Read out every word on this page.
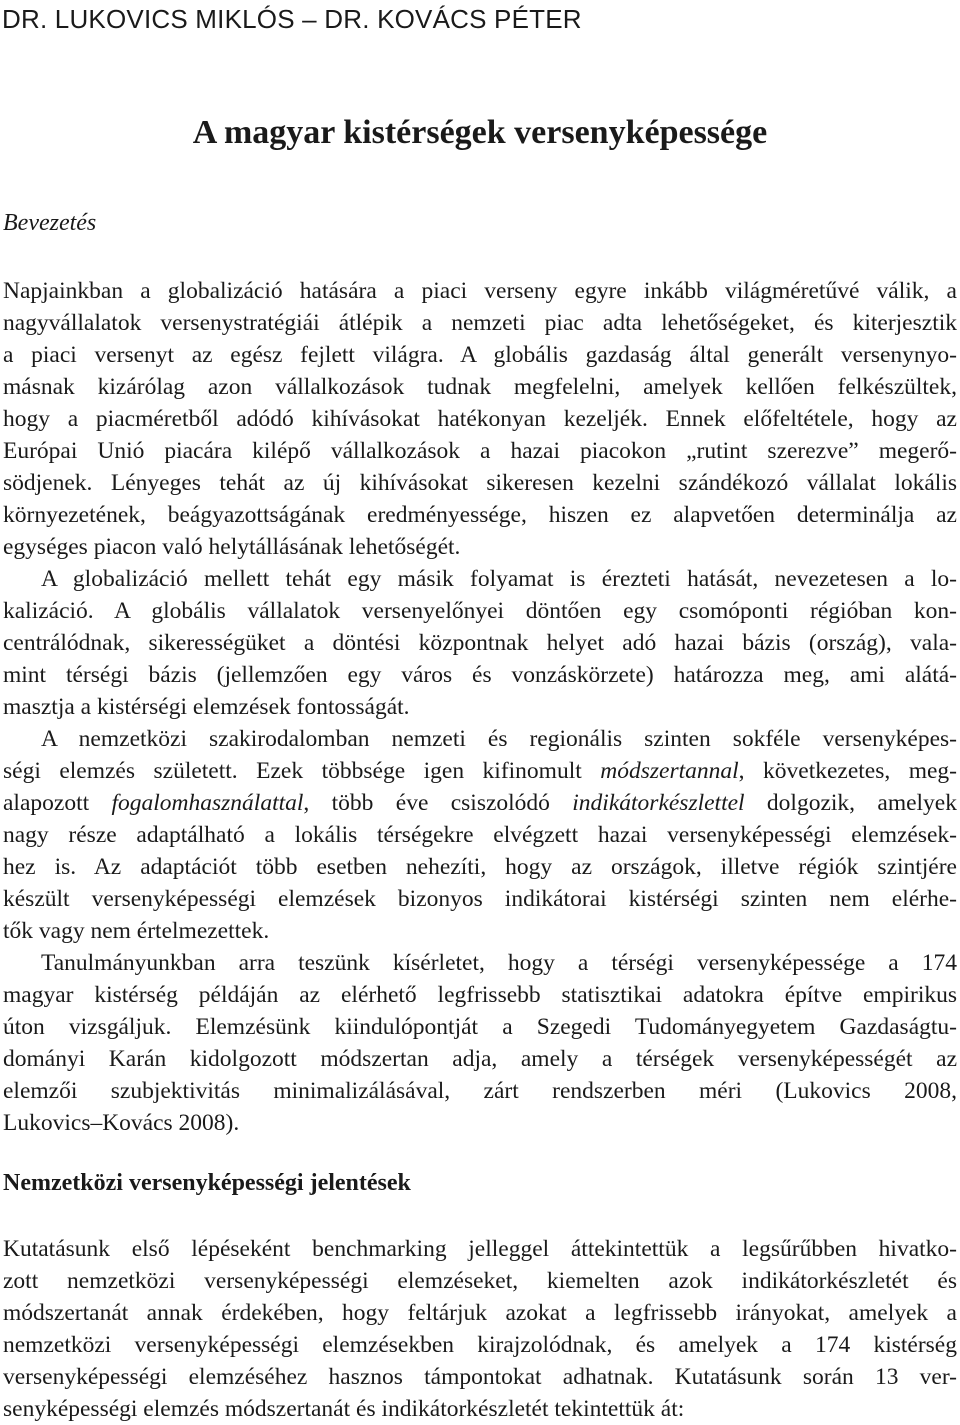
DR. LUKOVICS MIKLÓS – DR. KOVÁCS PÉTER
A magyar kistérségek versenyképessége
Bevezetés
Napjainkban a globalizáció hatására a piaci verseny egyre inkább világméretűvé válik, a
nagyvállalatok versenystratégiái átlépik a nemzeti piac adta lehetőségeket, és kiterjesztik
a piaci versenyt az egész fejlett világra. A globális gazdaság által generált versenynyo-
másnak kizárólag azon vállalkozások tudnak megfelelni, amelyek kellően felkészültek,
hogy a piacméretből adódó kihívásokat hatékonyan kezeljék. Ennek előfeltétele, hogy az
Európai Unió piacára kilépő vállalkozások a hazai piacokon „rutint szerezve” megerő-
södjenek. Lényeges tehát az új kihívásokat sikeresen kezelni szándékozó vállalat lokális
környezetének, beágyazottságának eredményessége, hiszen ez alapvetően determinálja az
egységes piacon való helytállásának lehetőségét.
A globalizáció mellett tehát egy másik folyamat is érezteti hatását, nevezetesen a lo-
kalizáció. A globális vállalatok versenyelőnyei döntően egy csomóponti régióban kon-
centrálódnak, sikerességüket a döntési központnak helyet adó hazai bázis (ország), vala-
mint térségi bázis (jellemzően egy város és vonzáskörzete) határozza meg, ami alátá-
masztja a kistérségi elemzések fontosságát.
A nemzetközi szakirodalomban nemzeti és regionális szinten sokféle versenyképes-
ségi elemzés született. Ezek többsége igen kifinomult módszertannal, következetes, meg-
alapozott fogalomhasználattal, több éve csiszolódó indikátorkészlettel dolgozik, amelyek
nagy része adaptálható a lokális térségekre elvégzett hazai versenyképességi elemzések-
hez is. Az adaptációt több esetben nehezíti, hogy az országok, illetve régiók szintjére
készült versenyképességi elemzések bizonyos indikátorai kistérségi szinten nem elérhe-
tők vagy nem értelmezettek.
Tanulmányunkban arra teszünk kísérletet, hogy a térségi versenyképessége a 174
magyar kistérség példáján az elérhető legfrissebb statisztikai adatokra építve empirikus
úton vizsgáljuk. Elemzésünk kiindulópontját a Szegedi Tudományegyetem Gazdaságtu-
dományi Karán kidolgozott módszertan adja, amely a térségek versenyképességét az
elemzői szubjektivitás minimalizálásával, zárt rendszerben méri (Lukovics 2008,
Lukovics–Kovács 2008).
Nemzetközi versenyképességi jelentések
Kutatásunk első lépéseként benchmarking jelleggel áttekintettük a legsűrűbben hivatko-
zott nemzetközi versenyképességi elemzéseket, kiemelten azok indikátorkészletét és
módszertanát annak érdekében, hogy feltárjuk azokat a legfrissebb irányokat, amelyek a
nemzetközi versenyképességi elemzésekben kirajzolódnak, és amelyek a 174 kistérség
versenyképességi elemzéséhez hasznos támpontokat adhatnak. Kutatásunk során 13 ver-
senyképességi elemzés módszertanát és indikátorkészletét tekintettük át:
